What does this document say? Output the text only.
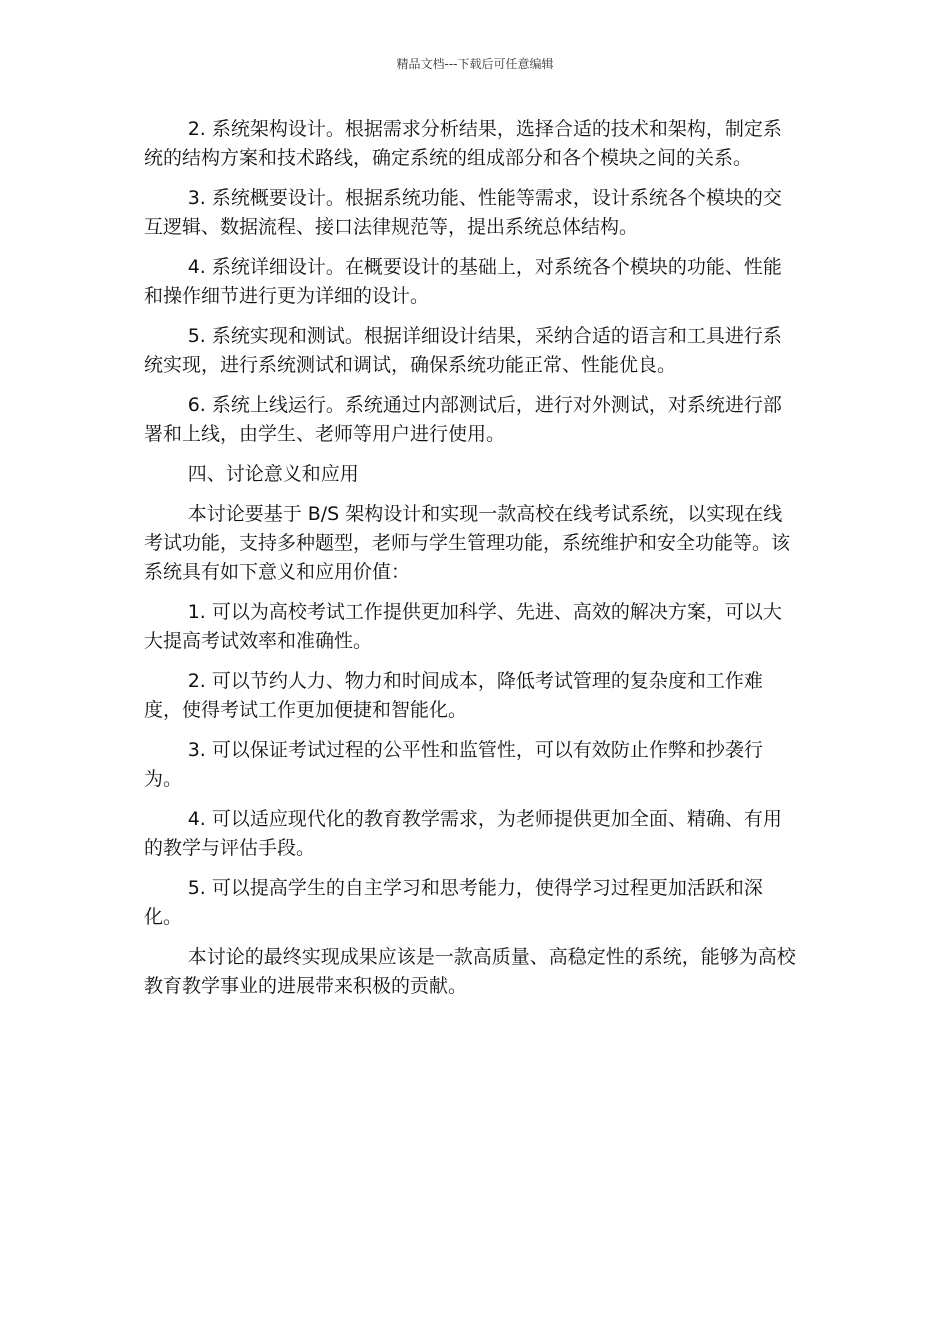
精品文档---下载后可任意编辑

2. 系统架构设计。根据需求分析结果，选择合适的技术和架构，制定系统的结构方案和技术路线，确定系统的组成部分和各个模块之间的关系。

3. 系统概要设计。根据系统功能、性能等需求，设计系统各个模块的交互逻辑、数据流程、接口法律规范等，提出系统总体结构。

4. 系统详细设计。在概要设计的基础上，对系统各个模块的功能、性能和操作细节进行更为详细的设计。

5. 系统实现和测试。根据详细设计结果，采纳合适的语言和工具进行系统实现，进行系统测试和调试，确保系统功能正常、性能优良。

6. 系统上线运行。系统通过内部测试后，进行对外测试，对系统进行部署和上线，由学生、老师等用户进行使用。

四、讨论意义和应用

本讨论要基于 B/S 架构设计和实现一款高校在线考试系统，以实现在线考试功能，支持多种题型，老师与学生管理功能，系统维护和安全功能等。该系统具有如下意义和应用价值：

1. 可以为高校考试工作提供更加科学、先进、高效的解决方案，可以大大提高考试效率和准确性。

2. 可以节约人力、物力和时间成本，降低考试管理的复杂度和工作难度，使得考试工作更加便捷和智能化。

3. 可以保证考试过程的公平性和监管性，可以有效防止作弊和抄袭行为。

4. 可以适应现代化的教育教学需求，为老师提供更加全面、精确、有用的教学与评估手段。

5. 可以提高学生的自主学习和思考能力，使得学习过程更加活跃和深化。

本讨论的最终实现成果应该是一款高质量、高稳定性的系统，能够为高校教育教学事业的进展带来积极的贡献。
